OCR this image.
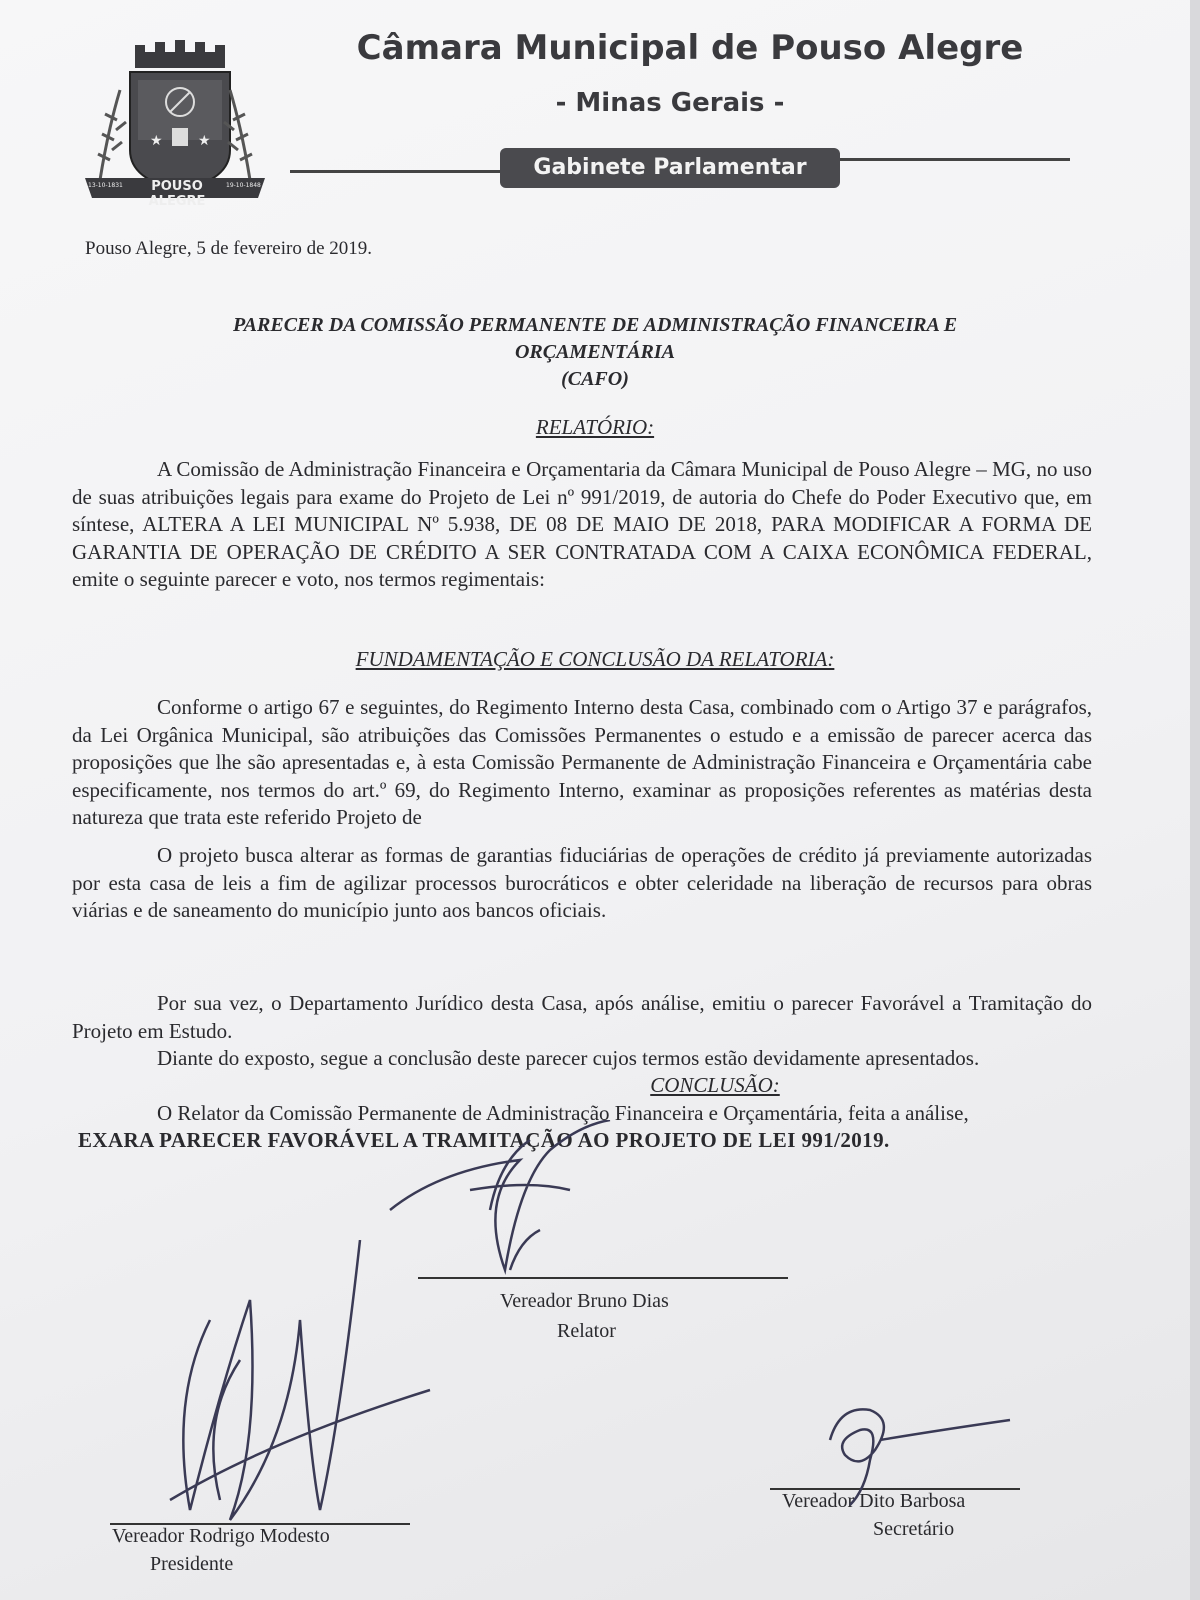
★	★
POUSO ALEGRE
13-10-1831	19-10-1848
Câmara Municipal de Pouso Alegre
- Minas Gerais -
Gabinete Parlamentar
Pouso Alegre, 5 de fevereiro de 2019.
PARECER DA COMISSÃO PERMANENTE DE ADMINISTRAÇÃO FINANCEIRA E
ORÇAMENTÁRIA
(CAFO)
RELATÓRIO:
A Comissão de Administração Financeira e Orçamentaria da Câmara Municipal de Pouso Alegre – MG, no uso de suas atribuições legais para exame do Projeto de Lei nº 991/2019, de autoria do Chefe do Poder Executivo que, em síntese, ALTERA A LEI MUNICIPAL Nº 5.938, DE 08 DE MAIO DE 2018, PARA MODIFICAR A FORMA DE GARANTIA DE OPERAÇÃO DE CRÉDITO A SER CONTRATADA COM A CAIXA ECONÔMICA FEDERAL, emite o seguinte parecer e voto, nos termos regimentais:
FUNDAMENTAÇÃO E CONCLUSÃO DA RELATORIA:
Conforme o artigo 67 e seguintes, do Regimento Interno desta Casa, combinado com o Artigo 37 e parágrafos, da Lei Orgânica Municipal, são atribuições das Comissões Permanentes o estudo e a emissão de parecer acerca das proposições que lhe são apresentadas e, à esta Comissão Permanente de Administração Financeira e Orçamentária cabe especificamente, nos termos do art.º 69, do Regimento Interno, examinar as proposições referentes as matérias desta natureza que trata este referido Projeto de
O projeto busca alterar as formas de garantias fiduciárias de operações de crédito já previamente autorizadas por esta casa de leis a fim de agilizar processos burocráticos e obter celeridade na liberação de recursos para obras viárias e de saneamento do município junto aos bancos oficiais.
Por sua vez, o Departamento Jurídico desta Casa, após análise, emitiu o parecer Favorável a Tramitação do Projeto em Estudo.
Diante do exposto, segue a conclusão deste parecer cujos termos estão devidamente apresentados.
CONCLUSÃO:
O Relator da Comissão Permanente de Administração Financeira e Orçamentária, feita a análise,
EXARA PARECER FAVORÁVEL A TRAMITAÇÃO AO PROJETO DE LEI 991/2019.
Vereador Bruno Dias
Relator
Vereador Rodrigo Modesto
Presidente
Vereador Dito Barbosa
Secretário
